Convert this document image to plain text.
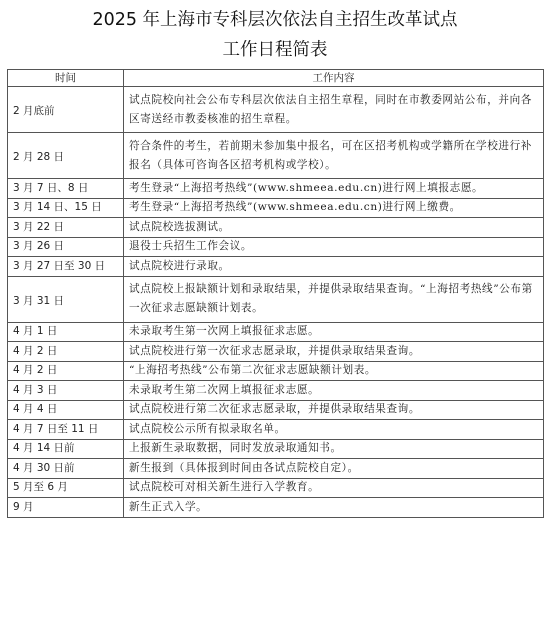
2025 年上海市专科层次依法自主招生改革试点
工作日程简表
时间	工作内容
2 月底前	试点院校向社会公布专科层次依法自主招生章程，同时在市教委网站公布，并向各区寄送经市教委核准的招生章程。
2 月 28 日	符合条件的考生，若前期未参加集中报名，可在区招考机构或学籍所在学校进行补报名（具体可咨询各区招考机构或学校）。
3 月 7 日、8 日	考生登录“上海招考热线”(www.shmeea.edu.cn)进行网上填报志愿。
3 月 14 日、15 日	考生登录“上海招考热线”(www.shmeea.edu.cn)进行网上缴费。
3 月 22 日	试点院校选拔测试。
3 月 26 日	退役士兵招生工作会议。
3 月 27 日至 30 日	试点院校进行录取。
3 月 31 日	试点院校上报缺额计划和录取结果，并提供录取结果查询。“上海招考热线”公布第一次征求志愿缺额计划表。
4 月 1 日	未录取考生第一次网上填报征求志愿。
4 月 2 日	试点院校进行第一次征求志愿录取，并提供录取结果查询。
4 月 2 日	“上海招考热线”公布第二次征求志愿缺额计划表。
4 月 3 日	未录取考生第二次网上填报征求志愿。
4 月 4 日	试点院校进行第二次征求志愿录取，并提供录取结果查询。
4 月 7 日至 11 日	试点院校公示所有拟录取名单。
4 月 14 日前	上报新生录取数据，同时发放录取通知书。
4 月 30 日前	新生报到（具体报到时间由各试点院校自定）。
5 月至 6 月	试点院校可对相关新生进行入学教育。
9 月	新生正式入学。
